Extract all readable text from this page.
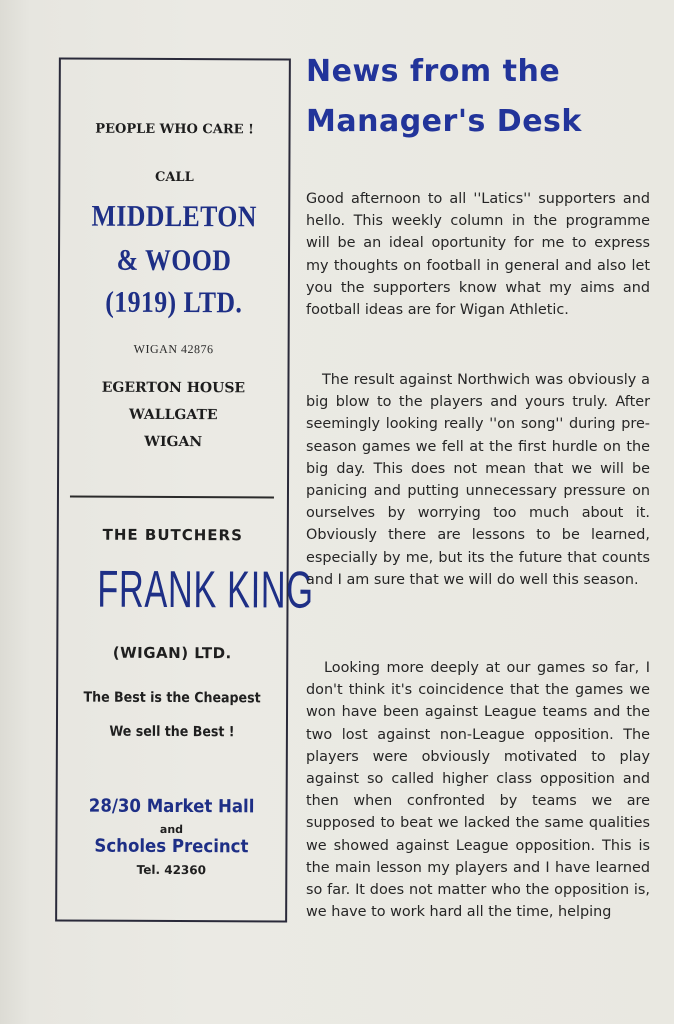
PEOPLE WHO CARE !
CALL
MIDDLETON
& WOOD
(1919) LTD.
WIGAN 42876
EGERTON HOUSE
WALLGATE
WIGAN
THE BUTCHERS
FRANK KING
(WIGAN) LTD.
The Best is the Cheapest
We sell the Best !
28/30 Market Hall
and
Scholes Precinct
Tel. 42360
News from the
Manager's Desk

Good afternoon to all ''Latics'' supporters and hello. This weekly column in the programme will be an ideal oportunity for me to express my thoughts on football in general and also let you the supporters know what my aims and football ideas are for Wigan Athletic.

The result against Northwich was obviously a big blow to the players and yours truly. After seemingly looking really ''on song'' during pre-season games we fell at the first hurdle on the big day. This does not mean that we will be panicing and putting unnecessary pressure on ourselves by worrying too much about it. Obviously there are lessons to be learned, especially by me, but its the future that counts and I am sure that we will do well this season.

Looking more deeply at our games so far, I don't think it's coincidence that the games we won have been against League teams and the two lost against non-League opposition. The players were obviously motivated to play against so called higher class opposition and then when confronted by teams we are supposed to beat we lacked the same qualities we showed against League opposition. This is the main lesson my players and I have learned so far. It does not matter who the opposition is, we have to work hard all the time, helping
